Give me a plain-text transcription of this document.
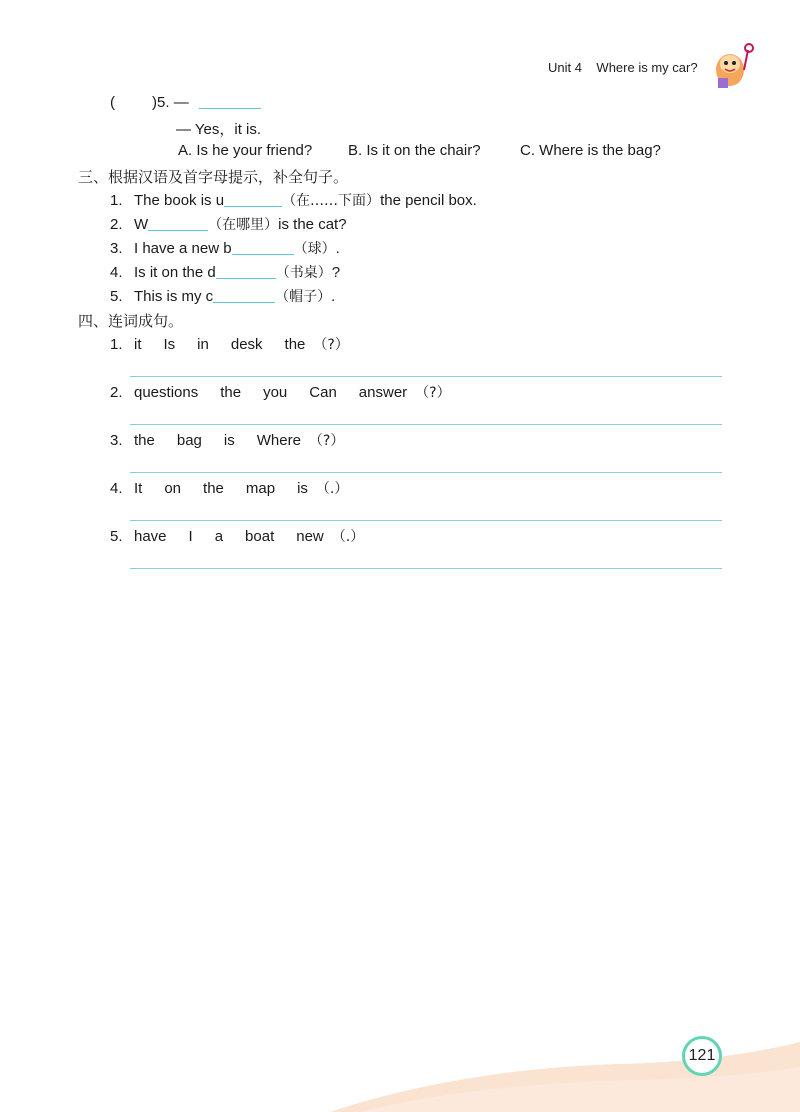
Unit 4 Where is my car?
( )5. —
— Yes，it is.
A. Is he your friend? B. Is it on the chair?	C. Where is the bag?
三、根据汉语及首字母提示，补全句子。
1. The book is u	（在……下面）the pencil box.
2. W	（在哪里）is the cat?
3. I have a new b	（球）.
4. Is it on the d	（书桌）?
5. This is my c	（帽子）.
四、连词成句。
1. it Is in desk the （?）
2. questions the you Can answer （?）
3. the bag is Where （?）
4. It on the map is （.）
5. have I a boat new （.）
121
